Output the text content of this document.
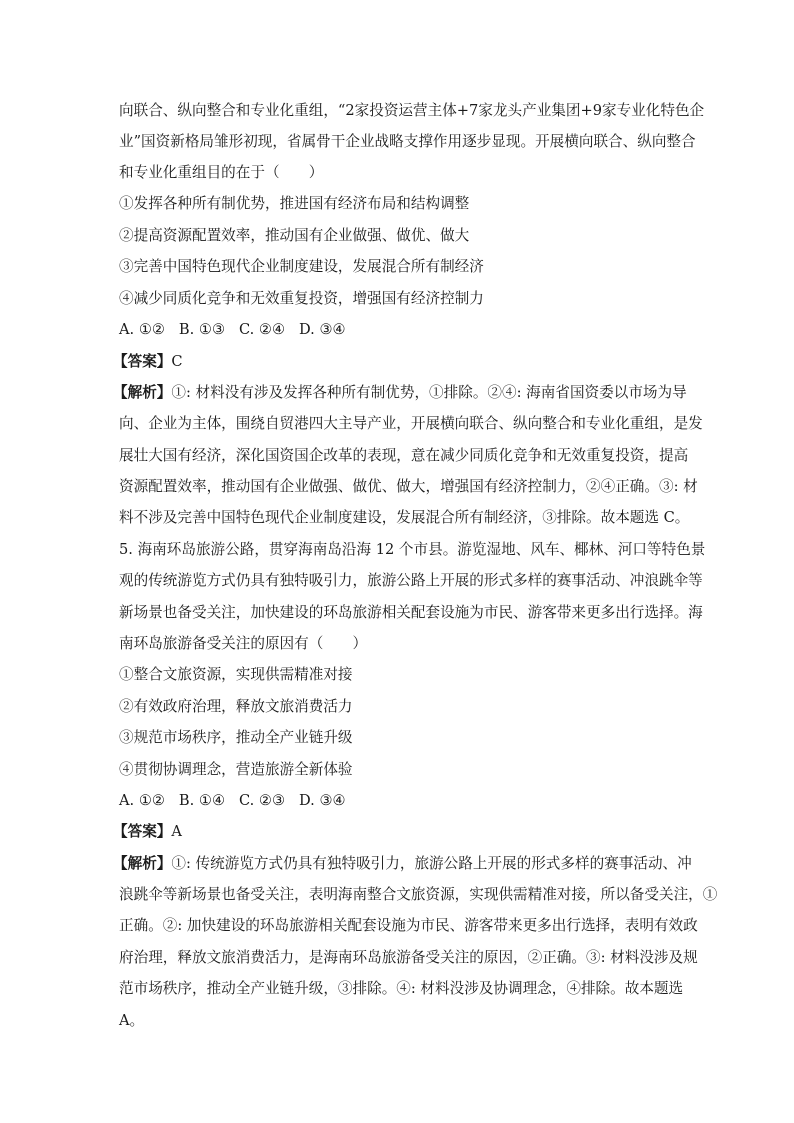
向联合、纵向整合和专业化重组，“2家投资运营主体+7家龙头产业集团+9家专业化特色企
业”国资新格局雏形初现，省属骨干企业战略支撑作用逐步显现。开展横向联合、纵向整合
和专业化重组目的在于（　　）
①发挥各种所有制优势，推进国有经济布局和结构调整
②提高资源配置效率，推动国有企业做强、做优、做大
③完善中国特色现代企业制度建设，发展混合所有制经济
④减少同质化竞争和无效重复投资，增强国有经济控制力
A. ①②   B. ①③   C. ②④   D. ③④
【答案】C
【解析】①: 材料没有涉及发挥各种所有制优势，①排除。②④: 海南省国资委以市场为导
向、企业为主体，围绕自贸港四大主导产业，开展横向联合、纵向整合和专业化重组，是发
展壮大国有经济，深化国资国企改革的表现，意在减少同质化竞争和无效重复投资，提高
资源配置效率，推动国有企业做强、做优、做大，增强国有经济控制力，②④正确。③: 材
料不涉及完善中国特色现代企业制度建设，发展混合所有制经济，③排除。故本题选 C。
5. 海南环岛旅游公路，贯穿海南岛沿海 12 个市县。游览湿地、风车、椰林、河口等特色景
观的传统游览方式仍具有独特吸引力，旅游公路上开展的形式多样的赛事活动、冲浪跳伞等
新场景也备受关注，加快建设的环岛旅游相关配套设施为市民、游客带来更多出行选择。海
南环岛旅游备受关注的原因有（　　）
①整合文旅资源，实现供需精准对接
②有效政府治理，释放文旅消费活力
③规范市场秩序，推动全产业链升级
④贯彻协调理念，营造旅游全新体验
A. ①②   B. ①④   C. ②③   D. ③④
【答案】A
【解析】①: 传统游览方式仍具有独特吸引力，旅游公路上开展的形式多样的赛事活动、冲
浪跳伞等新场景也备受关注，表明海南整合文旅资源，实现供需精准对接，所以备受关注，①
正确。②: 加快建设的环岛旅游相关配套设施为市民、游客带来更多出行选择，表明有效政
府治理，释放文旅消费活力，是海南环岛旅游备受关注的原因，②正确。③: 材料没涉及规
范市场秩序，推动全产业链升级，③排除。④: 材料没涉及协调理念，④排除。故本题选
A。
